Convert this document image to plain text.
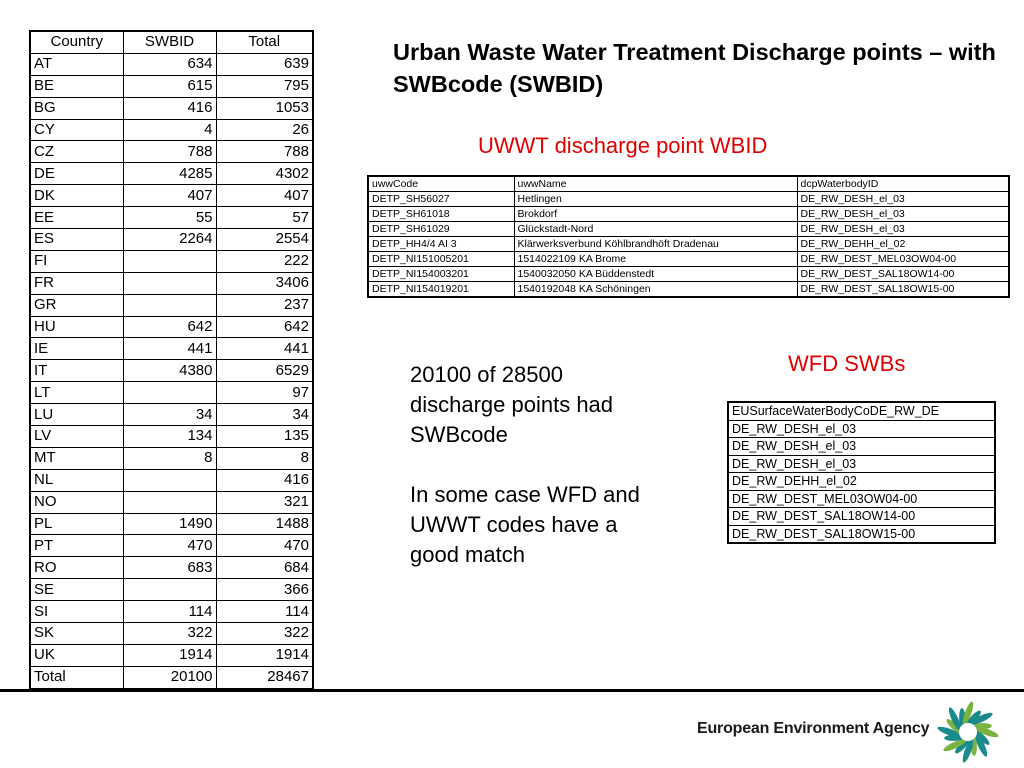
Country	SWBID	Total
AT	634	639
BE	615	795
BG	416	1053
CY	4	26
CZ	788	788
DE	4285	4302
DK	407	407
EE	55	57
ES	2264	2554
FI		222
FR		3406
GR		237
HU	642	642
IE	441	441
IT	4380	6529
LT		97
LU	34	34
LV	134	135
MT	8	8
NL		416
NO		321
PL	1490	1488
PT	470	470
RO	683	684
SE		366
SI	114	114
SK	322	322
UK	1914	1914
Total	20100	28467
Urban Waste Water Treatment Discharge points – with SWBcode (SWBID)
UWWT discharge point WBID
uwwCode	uwwName	dcpWaterbodyID
DETP_SH56027	Hetlingen	DE_RW_DESH_el_03
DETP_SH61018	Brokdorf	DE_RW_DESH_el_03
DETP_SH61029	Glückstadt-Nord	DE_RW_DESH_el_03
DETP_HH4/4 AI 3	Klärwerksverbund Köhlbrandhöft Dradenau	DE_RW_DEHH_el_02
DETP_NI151005201	1514022109 KA Brome	DE_RW_DEST_MEL03OW04-00
DETP_NI154003201	1540032050 KA Büddenstedt	DE_RW_DEST_SAL18OW14-00
DETP_NI154019201	1540192048 KA Schöningen	DE_RW_DEST_SAL18OW15-00

20100 of 28500 discharge points had SWBcode

In some case WFD and UWWT codes have a good match

WFD SWBs
EUSurfaceWaterBodyCoDE_RW_DE
DE_RW_DESH_el_03
DE_RW_DESH_el_03
DE_RW_DESH_el_03
DE_RW_DEHH_el_02
DE_RW_DEST_MEL03OW04-00
DE_RW_DEST_SAL18OW14-00
DE_RW_DEST_SAL18OW15-00
European Environment Agency
